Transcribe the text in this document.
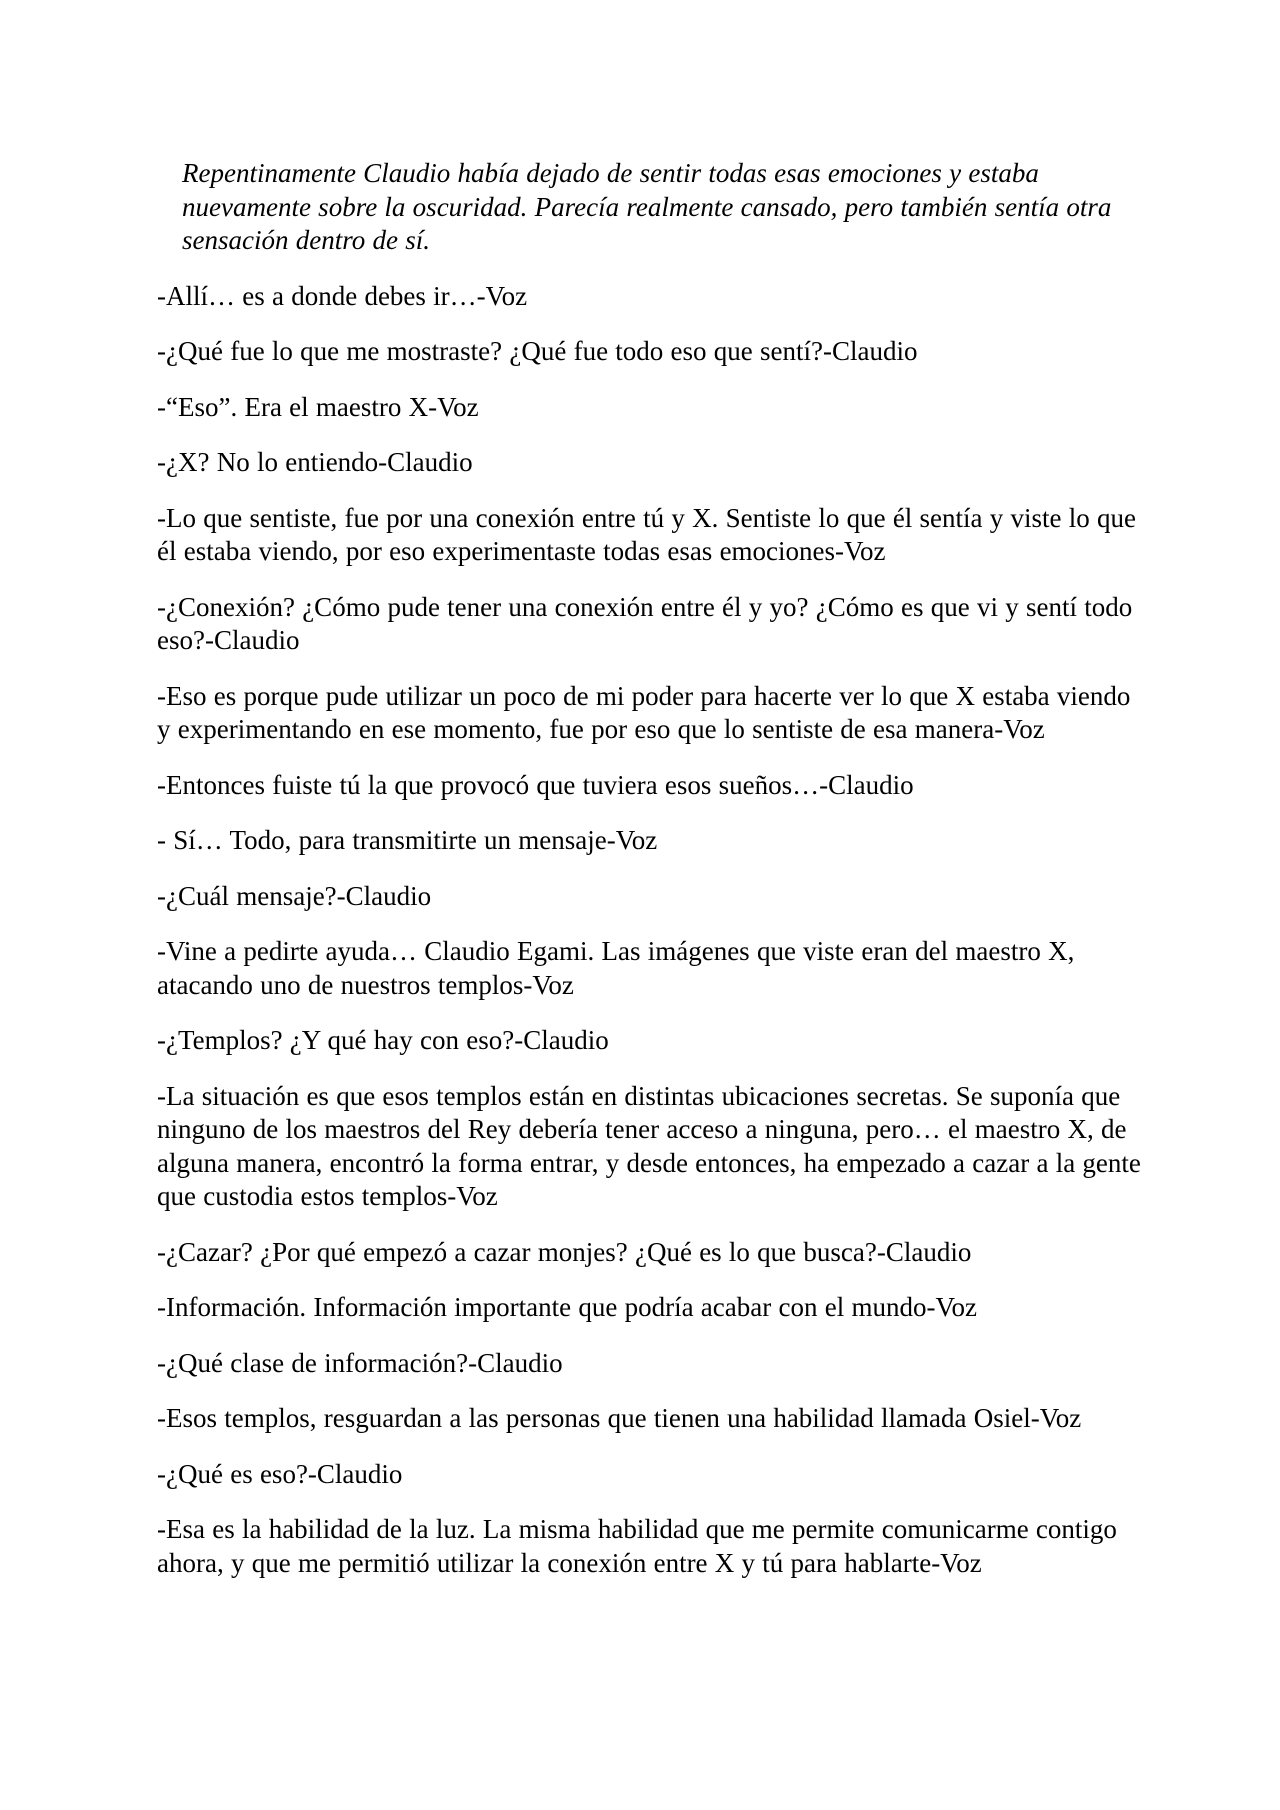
Repentinamente Claudio había dejado de sentir todas esas emociones y estaba nuevamente sobre la oscuridad. Parecía realmente cansado, pero también sentía otra sensación dentro de sí.

-Allí… es a donde debes ir…-Voz

-¿Qué fue lo que me mostraste? ¿Qué fue todo eso que sentí?-Claudio

-“Eso”. Era el maestro X-Voz

-¿X? No lo entiendo-Claudio

-Lo que sentiste, fue por una conexión entre tú y X. Sentiste lo que él sentía y viste lo que él estaba viendo, por eso experimentaste todas esas emociones-Voz

-¿Conexión? ¿Cómo pude tener una conexión entre él y yo? ¿Cómo es que vi y sentí todo eso?-Claudio

-Eso es porque pude utilizar un poco de mi poder para hacerte ver lo que X estaba viendo y experimentando en ese momento, fue por eso que lo sentiste de esa manera-Voz

-Entonces fuiste tú la que provocó que tuviera esos sueños…-Claudio

- Sí… Todo, para transmitirte un mensaje-Voz

-¿Cuál mensaje?-Claudio

-Vine a pedirte ayuda… Claudio Egami. Las imágenes que viste eran del maestro X, atacando uno de nuestros templos-Voz

-¿Templos? ¿Y qué hay con eso?-Claudio

-La situación es que esos templos están en distintas ubicaciones secretas. Se suponía que ninguno de los maestros del Rey debería tener acceso a ninguna, pero… el maestro X, de alguna manera, encontró la forma entrar, y desde entonces, ha empezado a cazar a la gente que custodia estos templos-Voz

-¿Cazar? ¿Por qué empezó a cazar monjes? ¿Qué es lo que busca?-Claudio

-Información. Información importante que podría acabar con el mundo-Voz

-¿Qué clase de información?-Claudio

-Esos templos, resguardan a las personas que tienen una habilidad llamada Osiel-Voz

-¿Qué es eso?-Claudio

-Esa es la habilidad de la luz. La misma habilidad que me permite comunicarme contigo ahora, y que me permitió utilizar la conexión entre X y tú para hablarte-Voz
